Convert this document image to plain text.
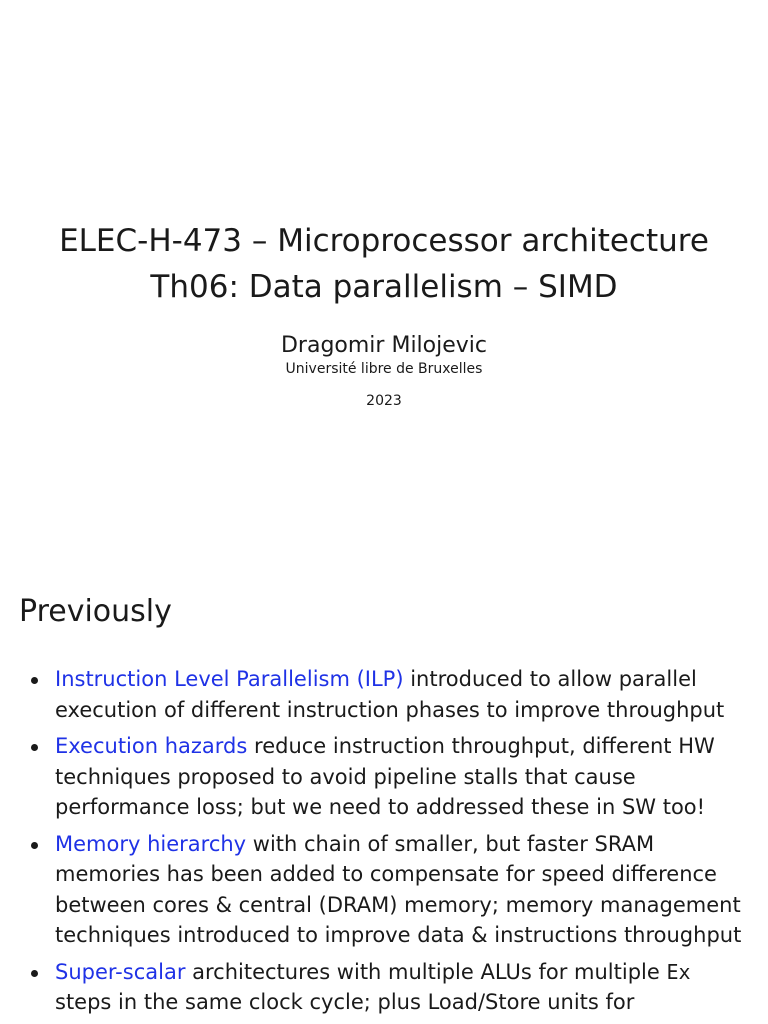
ELEC-H-473 – Microprocessor architecture
Th06: Data parallelism – SIMD
Dragomir Milojevic
Université libre de Bruxelles
2023
Previously
Instruction Level Parallelism (ILP) introduced to allow parallel execution of different instruction phases to improve throughput
Execution hazards reduce instruction throughput, different HW techniques proposed to avoid pipeline stalls that cause performance loss; but we need to addressed these in SW too!
Memory hierarchy with chain of smaller, but faster SRAM memories has been added to compensate for speed difference between cores & central (DRAM) memory; memory management techniques introduced to improve data & instructions throughput
Super-scalar architectures with multiple ALUs for multiple Ex steps in the same clock cycle; plus Load/Store units for
